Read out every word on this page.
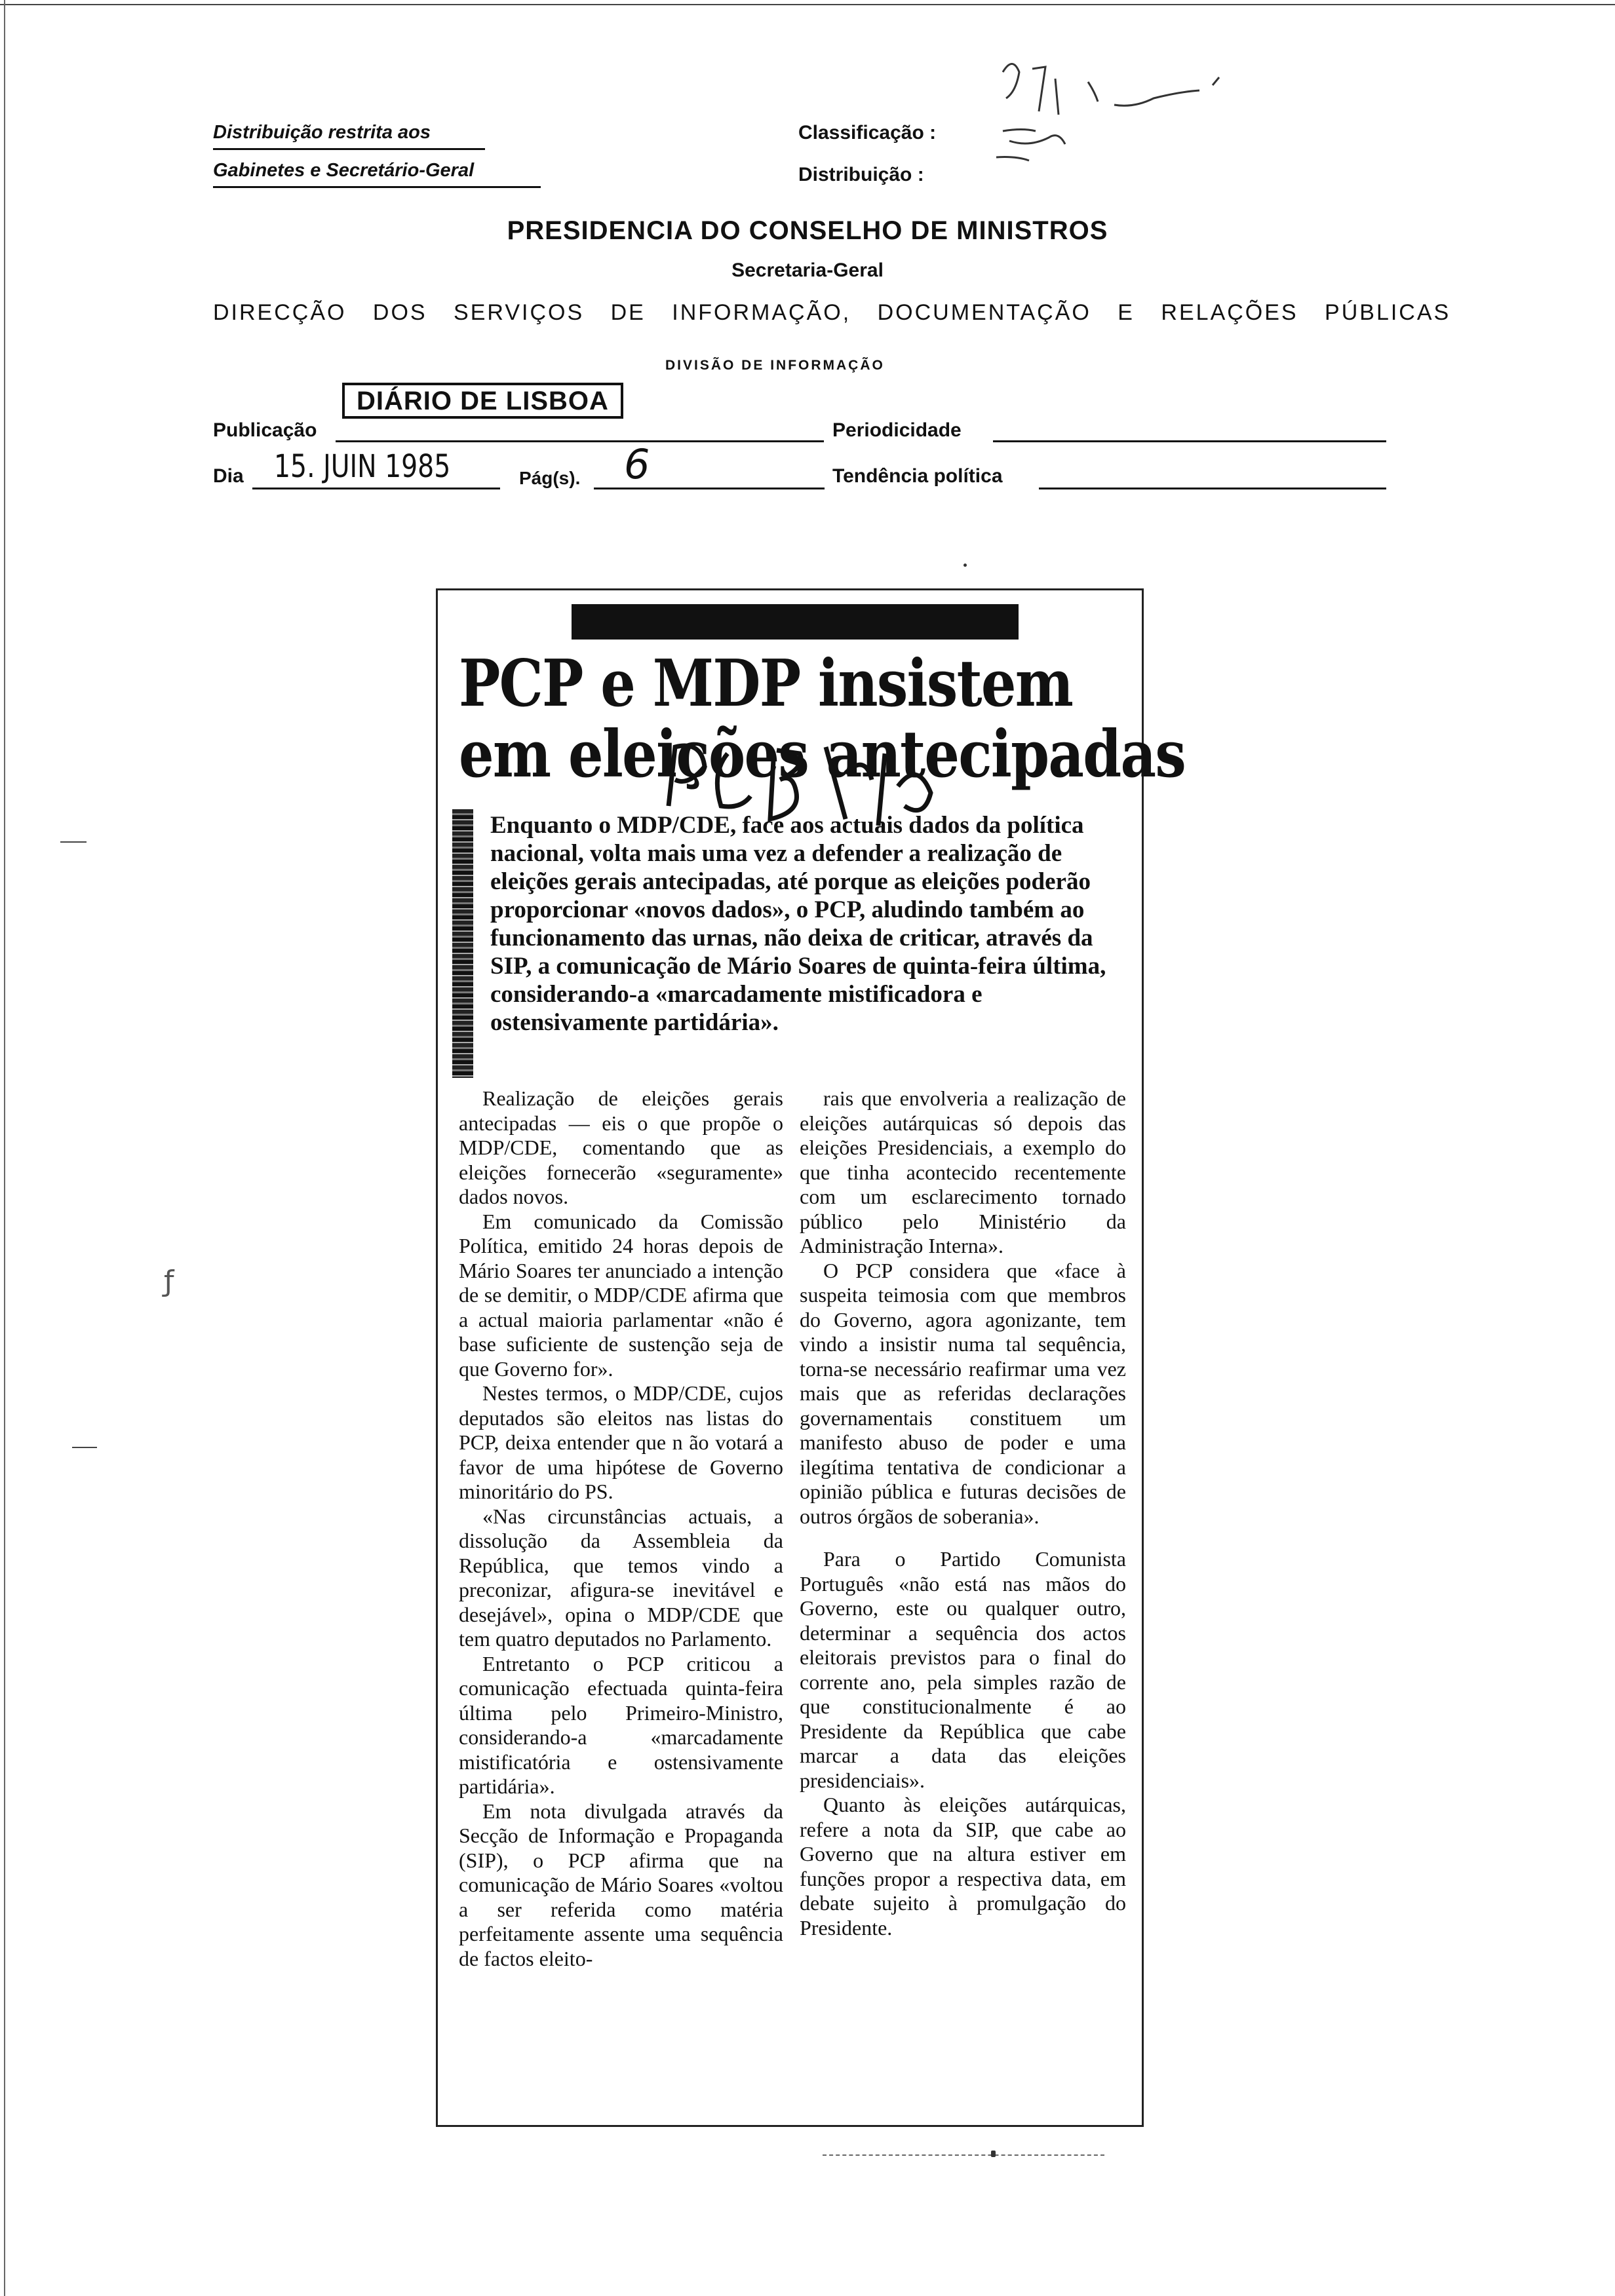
Distribuição restrita aos
Gabinetes e Secretário-Geral
Classificação :
Distribuição :
PRESIDENCIA DO CONSELHO DE MINISTROS
Secretaria-Geral
DIRECÇÃO DOS SERVIÇOS DE INFORMAÇÃO, DOCUMENTAÇÃO E RELAÇÕES PÚBLICAS
DIVISÃO DE INFORMAÇÃO
Publicação
DIÁRIO DE LISBOA
Periodicidade
Dia 15. JUIN 1985	Pág(s). 6	Tendência política
ƒ
PCP e MDP insistem
em eleições antecipadas

Enquanto o MDP/CDE, face aos actuais dados da política nacional, volta mais uma vez a defender a realização de eleições gerais antecipadas, até porque as eleições poderão proporcionar «novos dados», o PCP, aludindo também ao funcionamento das urnas, não deixa de criticar, através da SIP, a comunicação de Mário Soares de quinta-feira última, considerando-a «marcadamente mistificadora e ostensivamente partidária».

Realização de eleições gerais antecipadas — eis o que propõe o MDP/CDE, comentando que as eleições fornecerão «seguramente» dados novos.

Em comunicado da Comissão Política, emitido 24 horas depois de Mário Soares ter anunciado a intenção de se demitir, o MDP/CDE afirma que a actual maioria parlamentar «não é base suficiente de sustenção seja de que Governo for».

Nestes termos, o MDP/CDE, cujos deputados são eleitos nas listas do PCP, deixa entender que n ão votará a favor de uma hipótese de Governo minoritário do PS.

«Nas circunstâncias actuais, a dissolução da Assembleia da República, que temos vindo a preconizar, afigura-se inevitável e desejável», opina o MDP/CDE que tem quatro deputados no Parlamento.

Entretanto o PCP criticou a comunicação efectuada quinta-feira última pelo Primeiro-Ministro, considerando-a «marcadamente mistificatória e ostensivamente partidária».

Em nota divulgada através da Secção de Informação e Propaganda (SIP), o PCP afirma que na comunicação de Mário Soares «voltou a ser referida como matéria perfeitamente assente uma sequência de factos eleito-

rais que envolveria a realização de eleições autárquicas só depois das eleições Presidenciais, a exemplo do que tinha acontecido recentemente com um esclarecimento tornado público pelo Ministério da Administração Interna».

O PCP considera que «face à suspeita teimosia com que membros do Governo, agora agonizante, tem vindo a insistir numa tal sequência, torna-se necessário reafirmar uma vez mais que as referidas declarações governamentais constituem um manifesto abuso de poder e uma ilegítima tentativa de condicionar a opinião pública e futuras decisões de outros órgãos de soberania».

Para o Partido Comunista Português «não está nas mãos do Governo, este ou qualquer outro, determinar a sequência dos actos eleitorais previstos para o final do corrente ano, pela simples razão de que constitucionalmente é ao Presidente da República que cabe marcar a data das eleições presidenciais».

Quanto às eleições autárquicas, refere a nota da SIP, que cabe ao Governo que na altura estiver em funções propor a respectiva data, em debate sujeito à promulgação do Presidente.
